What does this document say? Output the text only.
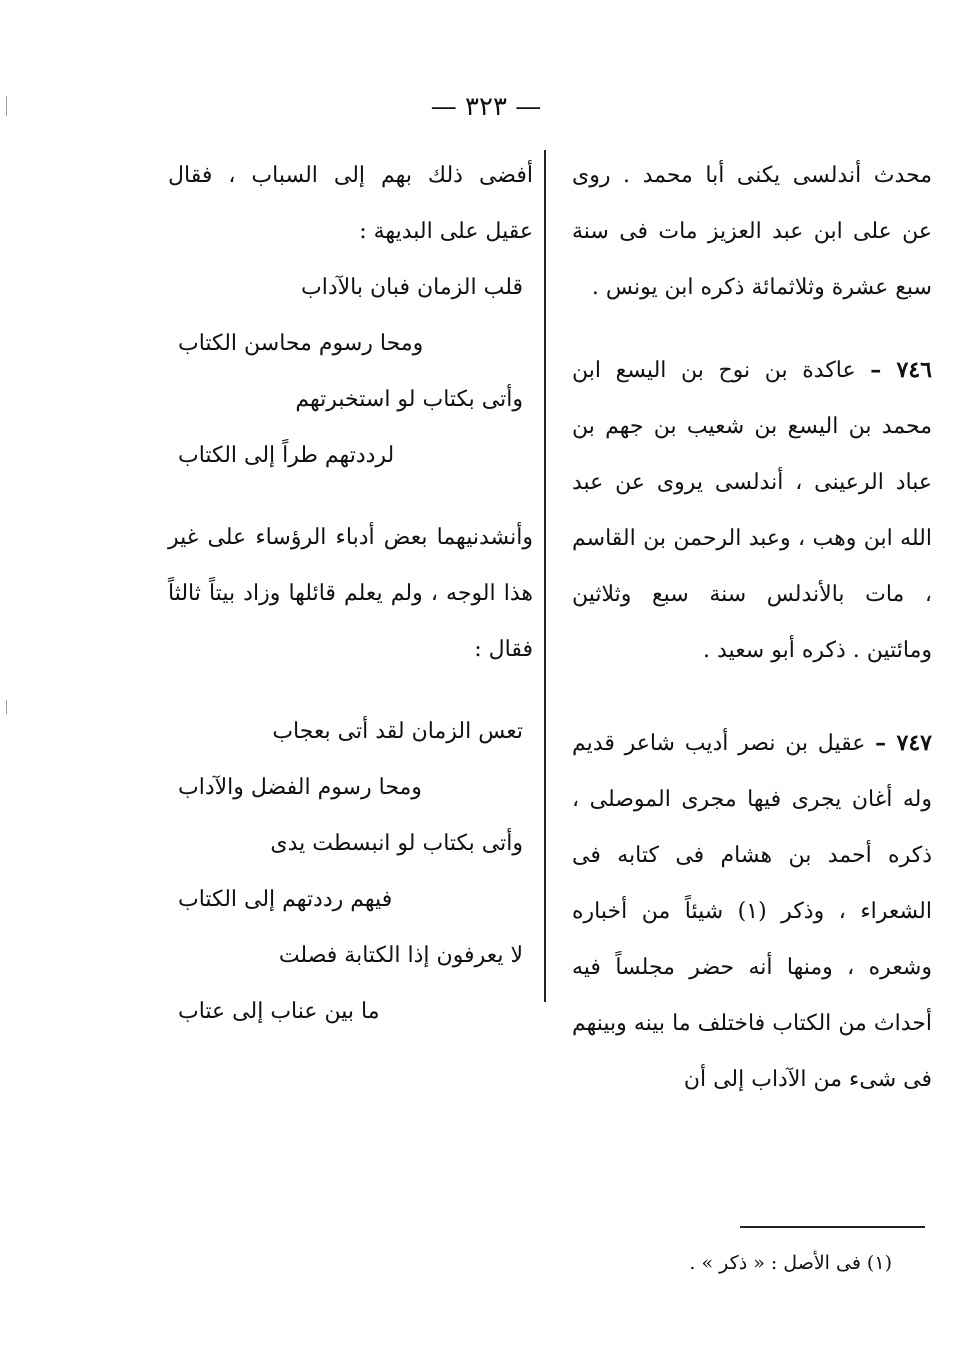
— ٣٢٣ —

محدث أندلسى يكنى أبا محمد . روى عن على ابن عبد العزيز مات فى سنة سبع عشرة وثلاثمائة ذكره ابن يونس .

٧٤٦ – عاكدة بن نوح بن اليسع ابن محمد بن اليسع بن شعيب بن جهم بن عباد الرعينى ، أندلسى يروى عن عبد الله ابن وهب ، وعبد الرحمن بن القاسم ، مات بالأندلس سنة سبع وثلاثين ومائتين . ذكره أبو سعيد .

٧٤٧ – عقيل بن نصر أديب شاعر قديم وله أغان يجرى فيها مجرى الموصلى ، ذكره أحمد بن هشام فى كتابه فى الشعراء ، وذكر (١) شيئاً من أخباره وشعره ، ومنها أنه حضر مجلساً فيه أحداث من الكتاب فاختلف ما بينه وبينهم فى شىء من الآداب إلى أن

أفضى ذلك بهم إلى السباب ، فقال عقيل على البديهة :

قلب الزمان فبان بالآداب

ومحا رسوم محاسن الكتاب

وأتى بكتاب لو استخبرتهم

لرددتهم طراً إلى الكتاب

وأنشدنيهما بعض أدباء الرؤساء على غير هذا الوجه ، ولم يعلم قائلها وزاد بيتاً ثالثاً فقال :

تعس الزمان لقد أتى بعجاب

ومحا رسوم الفضل والآداب

وأتى بكتاب لو انبسطت يدى

فيهم رددتهم إلى الكتاب

لا يعرفون إذا الكتابة فصلت

ما بين عناب إلى عتاب

(١) فى الأصل : « ذكر » .
